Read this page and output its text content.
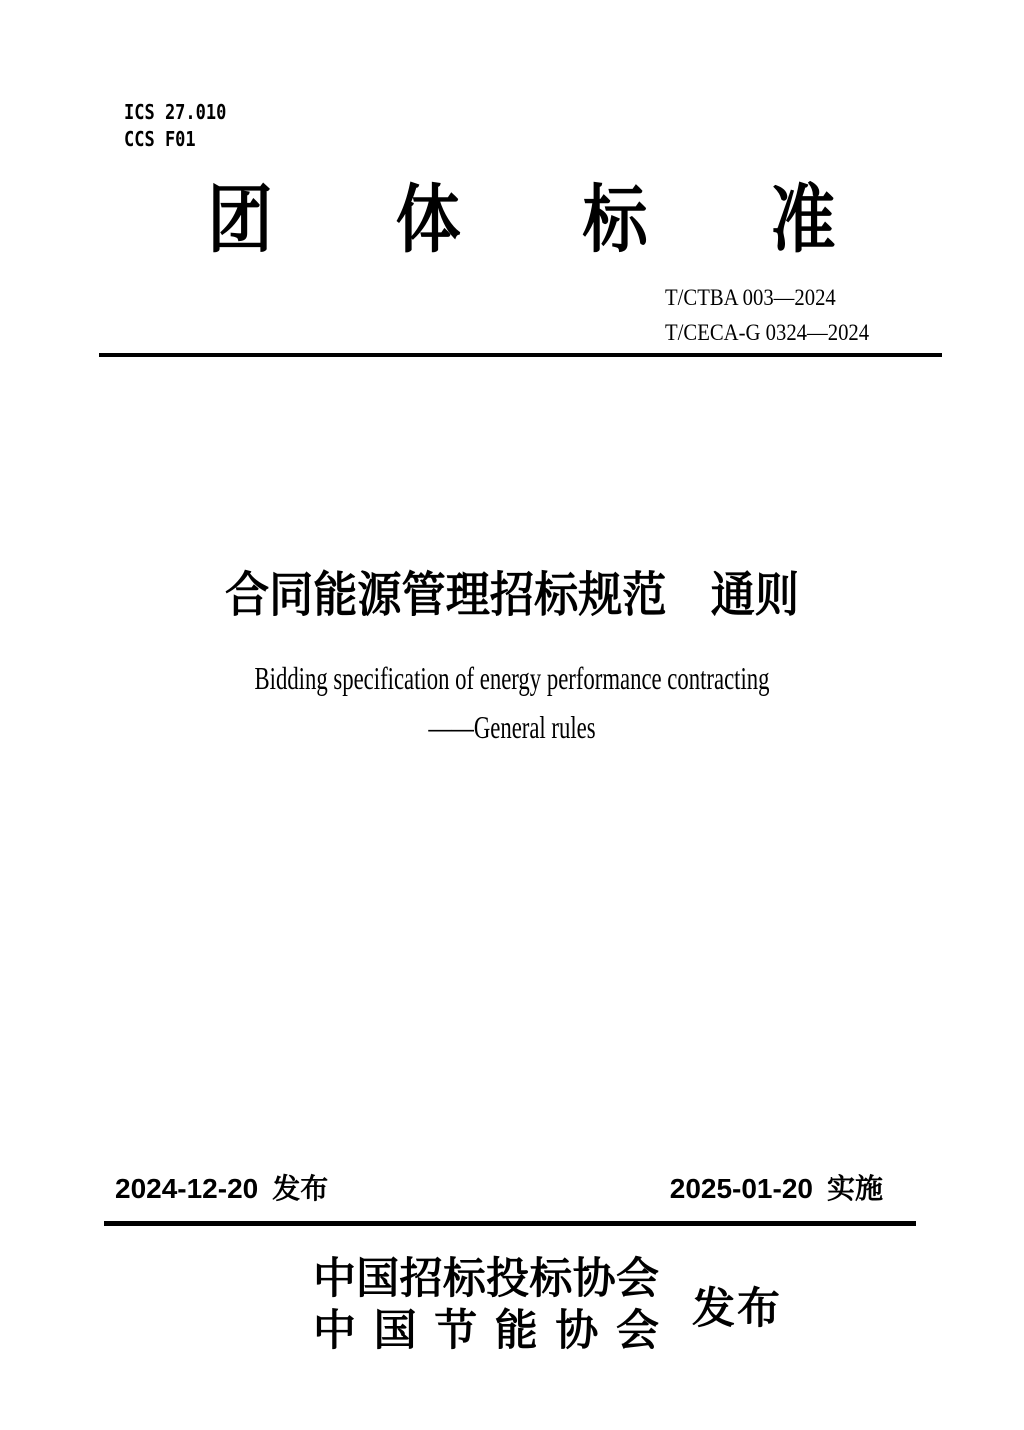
ICS 27.010
CCS F01
团 体 标 准
T/CTBA 003—2024
T/CECA-G 0324—2024
合同能源管理招标规范　通则
Bidding specification of energy performance contracting
——General rules
2024-12-20 发布	2025-01-20 实施
中 国 招 标 投 标 协 会
中 国 节 能 协 会 发布
